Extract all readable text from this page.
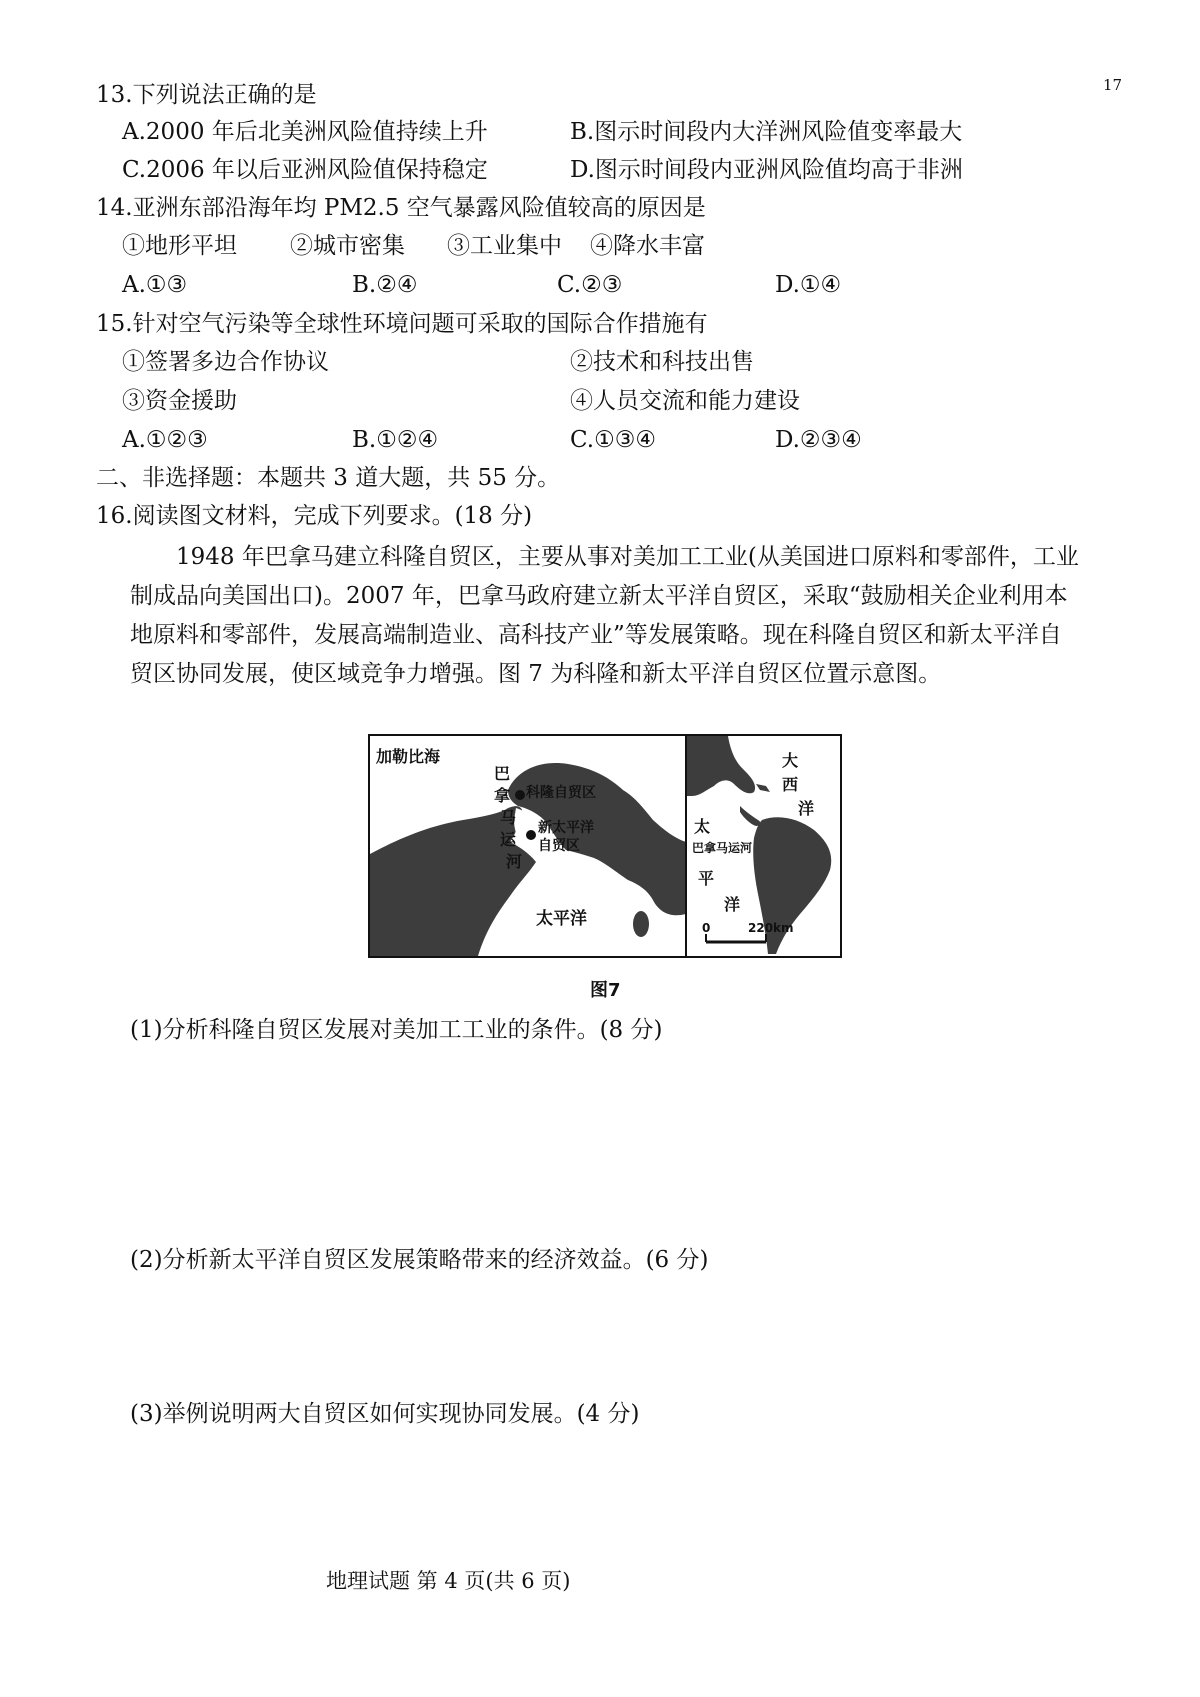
17
13.下列说法正确的是
A.2000 年后北美洲风险值持续上升	B.图示时间段内大洋洲风险值变率最大
C.2006 年以后亚洲风险值保持稳定	D.图示时间段内亚洲风险值均高于非洲
14.亚洲东部沿海年均 PM2.5 空气暴露风险值较高的原因是
①地形平坦 ②城市密集 ③工业集中 ④降水丰富
A.①③	B.②④	C.②③	D.①④
15.针对空气污染等全球性环境问题可采取的国际合作措施有
①签署多边合作协议	②技术和科技出售
③资金援助	④人员交流和能力建设
A.①②③	B.①②④	C.①③④	D.②③④
二、非选择题：本题共 3 道大题，共 55 分。
16.阅读图文材料，完成下列要求。(18 分)
1948 年巴拿马建立科隆自贸区，主要从事对美加工工业(从美国进口原料和零部件，工业制成品向美国出口)。2007 年，巴拿马政府建立新太平洋自贸区，采取“鼓励相关企业利用本地原料和零部件，发展高端制造业、高科技产业”等发展策略。现在科隆自贸区和新太平洋自贸区协同发展，使区域竞争力增强。图 7 为科隆和新太平洋自贸区位置示意图。
加勒比海
巴
拿
马
运
河
科隆自贸区
新太平洋
自贸区
太平洋
大
西
洋
太
平
洋
巴拿马运河
0	220km
图7
(1)分析科隆自贸区发展对美加工工业的条件。(8 分)
(2)分析新太平洋自贸区发展策略带来的经济效益。(6 分)
(3)举例说明两大自贸区如何实现协同发展。(4 分)
地理试题 第 4 页(共 6 页)
